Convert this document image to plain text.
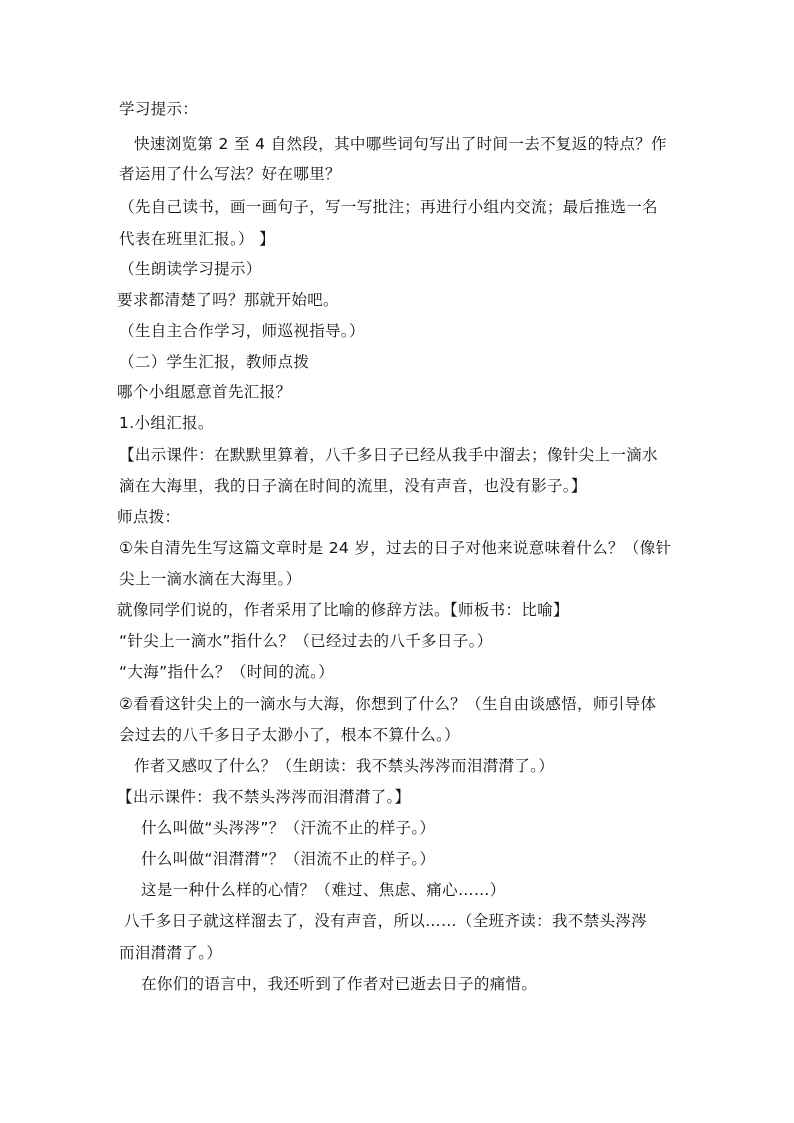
学习提示：
快速浏览第 2 至 4 自然段，其中哪些词句写出了时间一去不复返的特点？作
者运用了什么写法？好在哪里？
（先自己读书，画一画句子，写一写批注；再进行小组内交流；最后推选一名
代表在班里汇报。） 】
（生朗读学习提示）
要求都清楚了吗？那就开始吧。
（生自主合作学习，师巡视指导。）
（二）学生汇报，教师点拨
哪个小组愿意首先汇报？
1.小组汇报。
【出示课件：在默默里算着，八千多日子已经从我手中溜去；像针尖上一滴水
滴在大海里，我的日子滴在时间的流里，没有声音，也没有影子。】
师点拨：
①朱自清先生写这篇文章时是 24 岁，过去的日子对他来说意味着什么？（像针
尖上一滴水滴在大海里。）
就像同学们说的，作者采用了比喻的修辞方法。【师板书：比喻】
“针尖上一滴水”指什么？（已经过去的八千多日子。）
“大海”指什么？（时间的流。）
②看看这针尖上的一滴水与大海，你想到了什么？（生自由谈感悟，师引导体
会过去的八千多日子太渺小了，根本不算什么。）
作者又感叹了什么？（生朗读：我不禁头涔涔而泪潸潸了。）
【出示课件：我不禁头涔涔而泪潸潸了。】
什么叫做“头涔涔”？（汗流不止的样子。）
什么叫做“泪潸潸”？（泪流不止的样子。）
这是一种什么样的心情？（难过、焦虑、痛心……）
八千多日子就这样溜去了，没有声音，所以……（全班齐读：我不禁头涔涔
而泪潸潸了。）
在你们的语言中，我还听到了作者对已逝去日子的痛惜。
